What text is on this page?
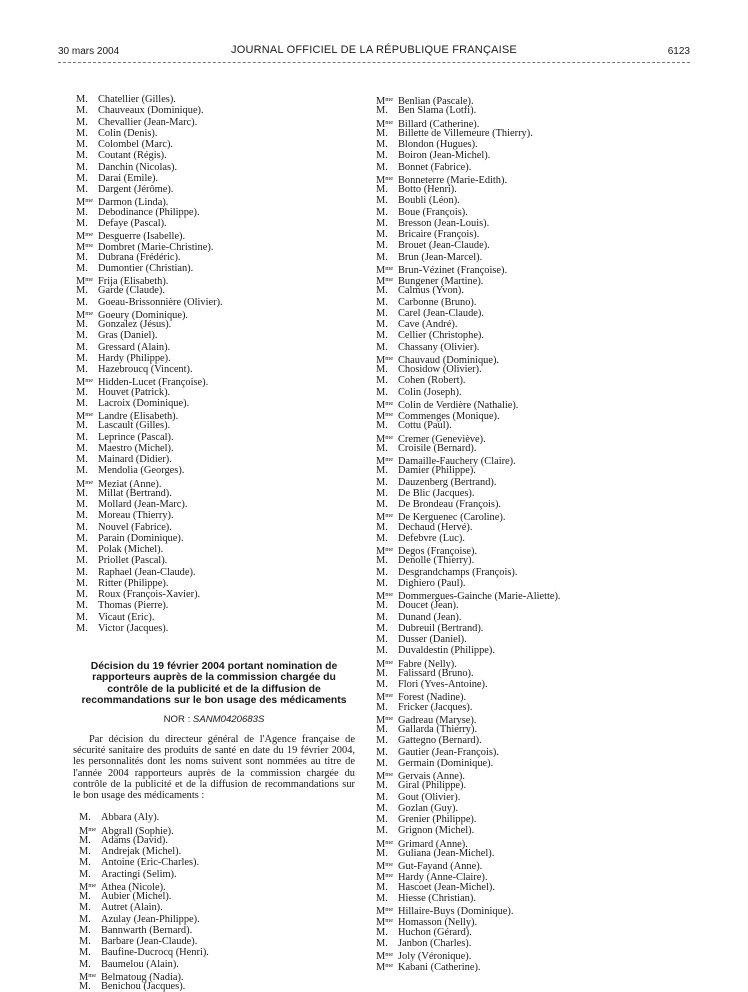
30 mars 2004	JOURNAL OFFICIEL DE LA RÉPUBLIQUE FRANÇAISE	6123
M. Chatellier (Gilles).
M. Chauveaux (Dominique).
M. Chevallier (Jean-Marc).
M. Colin (Denis).
M. Colombel (Marc).
M. Coutant (Régis).
M. Danchin (Nicolas).
M. Darai (Emile).
M. Dargent (Jérôme).
$M^{me}$ Darmon (Linda).
M. Debodinance (Philippe).
M. Defaye (Pascal).
$M^{me}$ Desguerre (Isabelle).
$M^{me}$ Dombret (Marie-Christine).
M. Dubrana (Frédéric).
M. Dumontier (Christian).
$M^{me}$ Frija (Elisabeth).
M. Garde (Claude).
M. Goeau-Brissonnière (Olivier).
$M^{me}$ Goeury (Dominique).
M. Gonzalez (Jésus).
M. Gras (Daniel).
M. Gressard (Alain).
M. Hardy (Philippe).
M. Hazebroucq (Vincent).
$M^{me}$ Hidden-Lucet (Françoise).
M. Houvet (Patrick).
M. Lacroix (Dominique).
$M^{me}$ Landre (Elisabeth).
M. Lascault (Gilles).
M. Leprince (Pascal).
M. Maestro (Michel).
M. Mainard (Didier).
M. Mendolia (Georges).
$M^{me}$ Meziat (Anne).
M. Millat (Bertrand).
M. Mollard (Jean-Marc).
M. Moreau (Thierry).
M. Nouvel (Fabrice).
M. Parain (Dominique).
M. Polak (Michel).
M. Priollet (Pascal).
M. Raphael (Jean-Claude).
M. Ritter (Philippe).
M. Roux (François-Xavier).
M. Thomas (Pierre).
M. Vicaut (Eric).
M. Victor (Jacques).
Décision du 19 février 2004 portant nomination de rapporteurs auprès de la commission chargée du contrôle de la publicité et de la diffusion de recommandations sur le bon usage des médicaments
NOR : SANM0420683S
Par décision du directeur général de l'Agence française de sécurité sanitaire des produits de santé en date du 19 février 2004, les personnalités dont les noms suivent sont nommées au titre de l'année 2004 rapporteurs auprès de la commission chargée du contrôle de la publicité et de la diffusion de recommandations sur le bon usage des médicaments :
M. Abbara (Aly).
$M^{me}$ Abgrall (Sophie).
M. Adams (David).
M. Andrejak (Michel).
M. Antoine (Eric-Charles).
M. Aractingi (Selim).
$M^{me}$ Athea (Nicole).
M. Aubier (Michel).
M. Autret (Alain).
M. Azulay (Jean-Philippe).
M. Bannwarth (Bernard).
M. Barbare (Jean-Claude).
M. Baufine-Ducrocq (Henri).
M. Baumelou (Alain).
$M^{me}$ Belmatoug (Nadia).
M. Benichou (Jacques).
$M^{me}$ Benlian (Pascale).
M. Ben Slama (Lotfi).
$M^{me}$ Billard (Catherine).
M. Billette de Villemeure (Thierry).
M. Blondon (Hugues).
M. Boiron (Jean-Michel).
M. Bonnet (Fabrice).
$M^{me}$ Bonneterre (Marie-Edith).
M. Botto (Henri).
M. Boubli (Léon).
M. Boue (François).
M. Bresson (Jean-Louis).
M. Bricaire (François).
M. Brouet (Jean-Claude).
M. Brun (Jean-Marcel).
$M^{me}$ Brun-Vézinet (Françoise).
$M^{me}$ Bungener (Martine).
M. Calmus (Yvon).
M. Carbonne (Bruno).
M. Carel (Jean-Claude).
M. Cave (André).
M. Cellier (Christophe).
M. Chassany (Olivier).
$M^{me}$ Chauvaud (Dominique).
M. Chosidow (Olivier).
M. Cohen (Robert).
M. Colin (Joseph).
$M^{me}$ Colin de Verdière (Nathalie).
$M^{me}$ Commenges (Monique).
M. Cottu (Paul).
$M^{me}$ Cremer (Geneviève).
M. Croisile (Bernard).
$M^{me}$ Damaille-Fauchery (Claire).
M. Damier (Philippe).
M. Dauzenberg (Bertrand).
M. De Blic (Jacques).
M. De Brondeau (François).
$M^{me}$ De Kerguenec (Caroline).
M. Dechaud (Hervé).
M. Defebvre (Luc).
$M^{me}$ Degos (Françoise).
M. Denolle (Thierry).
M. Desgrandchamps (François).
M. Dighiero (Paul).
$M^{me}$ Dommergues-Gainche (Marie-Aliette).
M. Doucet (Jean).
M. Dunand (Jean).
M. Dubreuil (Bertrand).
M. Dusser (Daniel).
M. Duvaldestin (Philippe).
$M^{me}$ Fabre (Nelly).
M. Falissard (Bruno).
M. Flori (Yves-Antoine).
$M^{me}$ Forest (Nadine).
M. Fricker (Jacques).
$M^{me}$ Gadreau (Maryse).
M. Gallarda (Thierry).
M. Gattegno (Bernard).
M. Gautier (Jean-François).
M. Germain (Dominique).
$M^{me}$ Gervais (Anne).
M. Giral (Philippe).
M. Gout (Olivier).
M. Gozlan (Guy).
M. Grenier (Philippe).
M. Grignon (Michel).
$M^{me}$ Grimard (Anne).
M. Guliana (Jean-Michel).
$M^{me}$ Gut-Fayand (Anne).
$M^{me}$ Hardy (Anne-Claire).
M. Hascoet (Jean-Michel).
M. Hiesse (Christian).
$M^{me}$ Hillaire-Buys (Dominique).
$M^{me}$ Homasson (Nelly).
M. Huchon (Gérard).
M. Janbon (Charles).
$M^{me}$ Joly (Véronique).
$M^{me}$ Kabani (Catherine).
